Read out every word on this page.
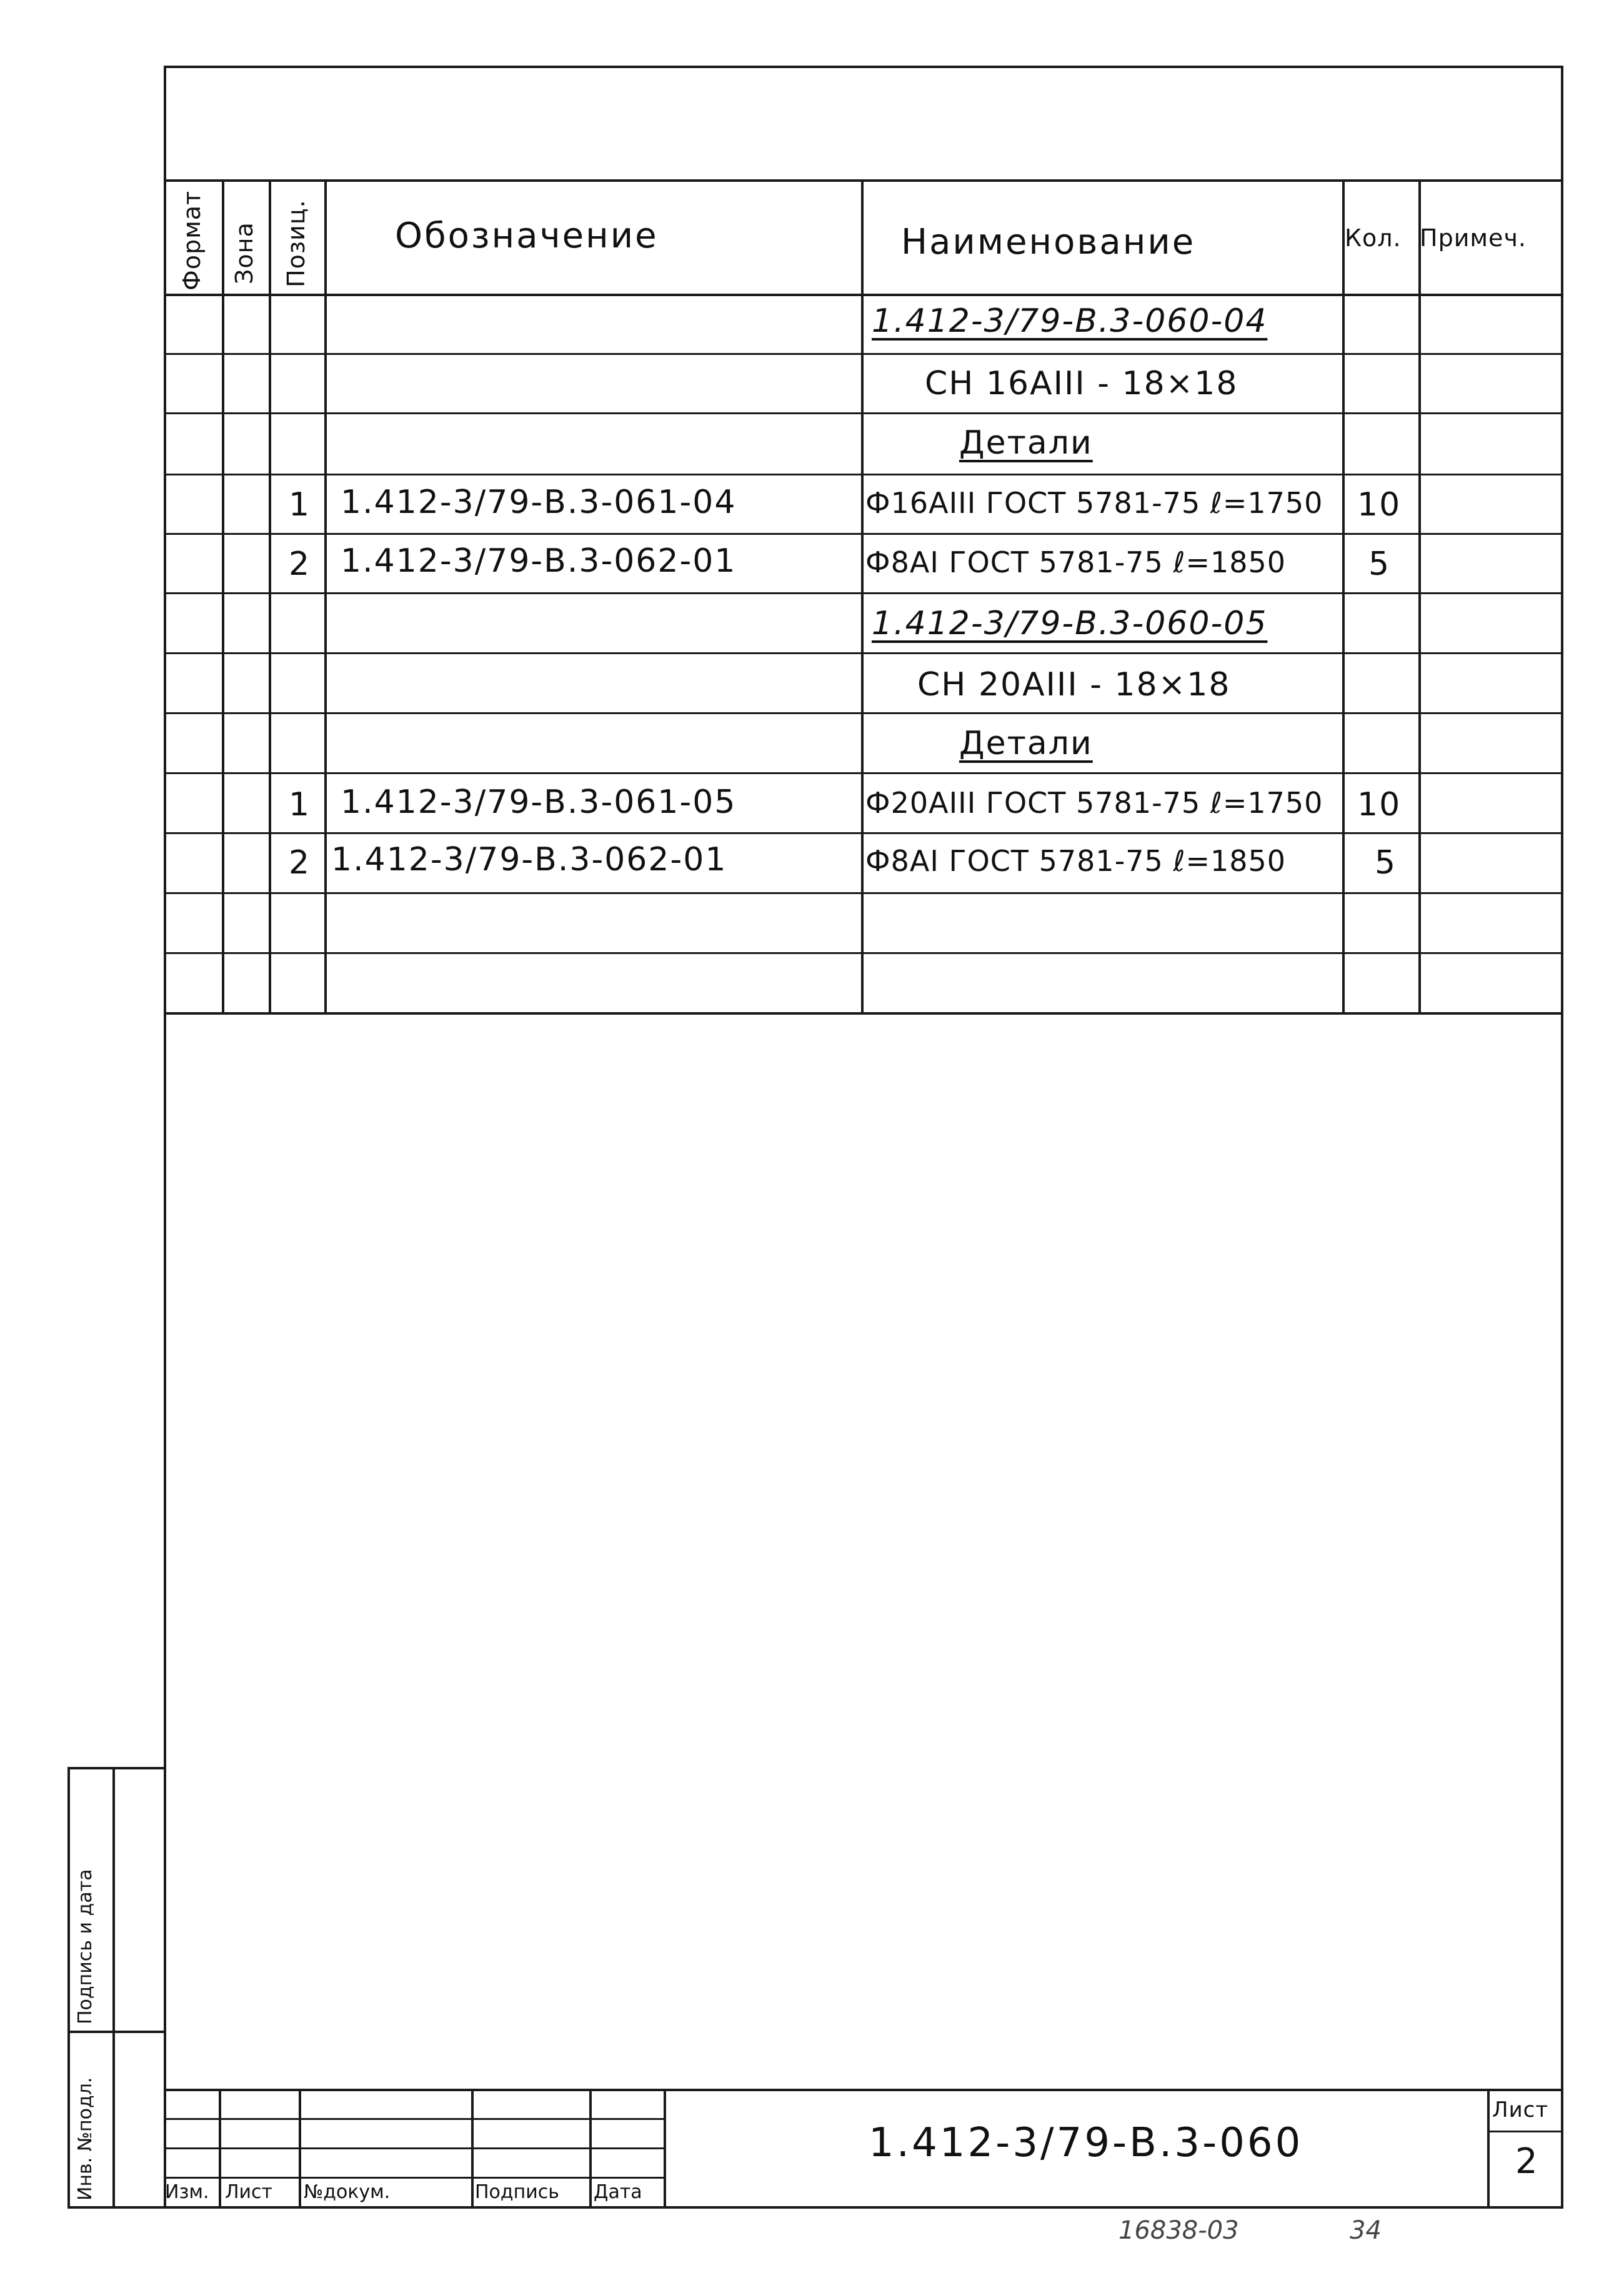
Формат Зона Позиц. Обозначение	Наименование	Кол. Примеч.
1.412-3/79-В.3-060-04
СН 16АIII - 18×18
Детали
1 1.412-3/79-В.3-061-04	Ф16АIII ГОСТ 5781-75 ℓ=1750 10
2 1.412-3/79-В.3-062-01	Ф8АI ГОСТ 5781-75 ℓ=1850	5
1.412-3/79-В.3-060-05
СН 20АIII - 18×18
Детали
1 1.412-3/79-В.3-061-05	Ф20АIII ГОСТ 5781-75 ℓ=1750 10
2 1.412-3/79-В.3-062-01	Ф8АI ГОСТ 5781-75 ℓ=1850	5
Подпись и дата
Инв. №подл.	Изм. Лист №докум.	Подпись Дата
1.412-3/79-В.3-060
Лист
2
16838-03	34
